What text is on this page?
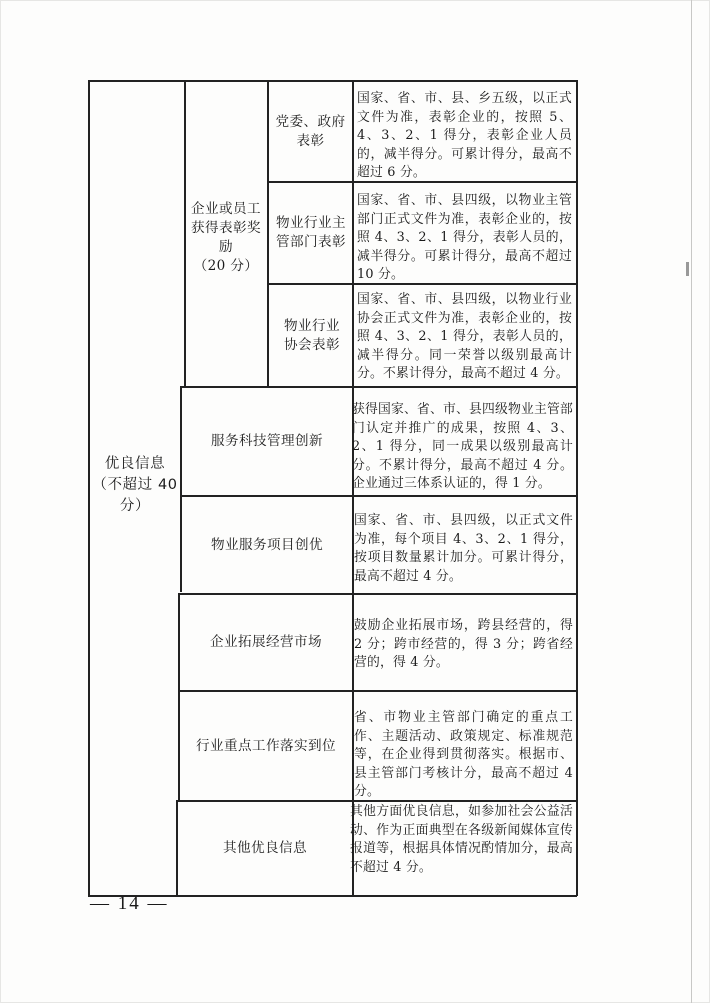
优良信息
（不超过 40
分）
企业或员工获得表彰奖励
（20 分）
党委、政府表彰
国家、省、市、县、乡五级，以正式文件为准，表彰企业的，按照 5、4、3、2、1 得分，表彰企业人员的，减半得分。可累计得分，最高不超过 6 分。
物业行业主管部门表彰
国家、省、市、县四级，以物业主管部门正式文件为准，表彰企业的，按照 4、3、2、1 得分，表彰人员的，减半得分。可累计得分，最高不超过 10 分。
物业行业协会表彰
国家、省、市、县四级，以物业行业协会正式文件为准，表彰企业的，按照 4、3、2、1 得分，表彰人员的，减半得分。同一荣誉以级别最高计分。不累计得分，最高不超过 4 分。
服务科技管理创新
获得国家、省、市、县四级物业主管部门认定并推广的成果，按照 4、3、2、1 得分，同一成果以级别最高计分。不累计得分，最高不超过 4 分。企业通过三体系认证的，得 1 分。
物业服务项目创优
国家、省、市、县四级，以正式文件为准，每个项目 4、3、2、1 得分，按项目数量累计加分。可累计得分，最高不超过 4 分。
企业拓展经营市场
鼓励企业拓展市场，跨县经营的，得 2 分；跨市经营的，得 3 分；跨省经营的，得 4 分。
行业重点工作落实到位
省、市物业主管部门确定的重点工作、主题活动、政策规定、标准规范等，在企业得到贯彻落实。根据市、县主管部门考核计分，最高不超过 4 分。
其他优良信息
其他方面优良信息，如参加社会公益活动、作为正面典型在各级新闻媒体宣传报道等，根据具体情况酌情加分，最高不超过 4 分。
— 14 —
